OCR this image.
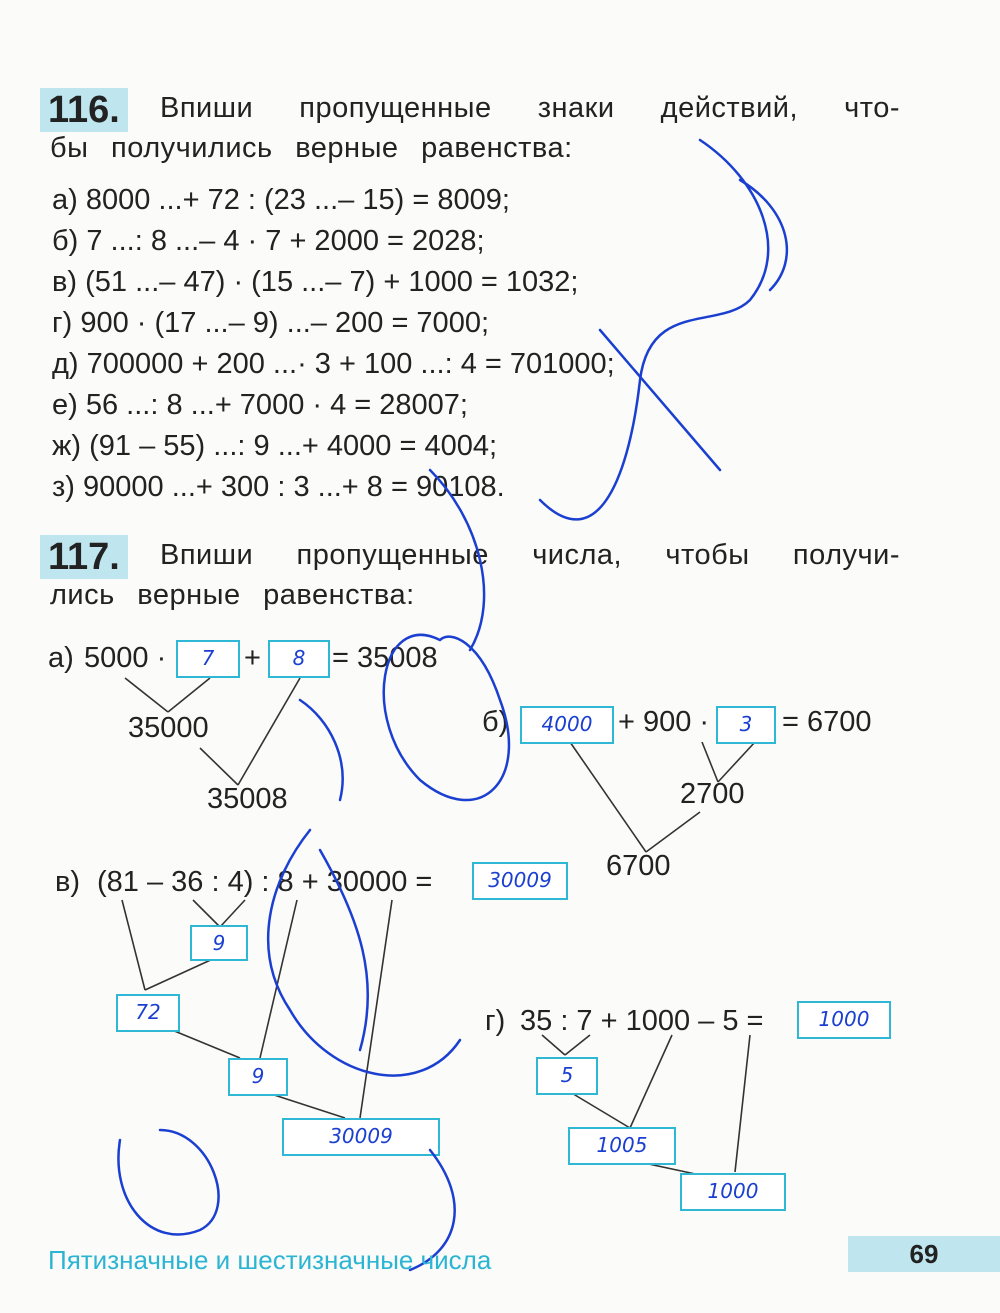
116. Впиши пропущенные знаки действий, что-
бы получились верные равенства:
а) 8000 ...+ 72 : (23 ...– 15) = 8009;
б) 7 ...: 8 ...– 4 · 7 + 2000 = 2028;
в) (51 ...– 47) · (15 ...– 7) + 1000 = 1032;
г) 900 · (17 ...– 9) ...– 200 = 7000;
д) 700000 + 200 ...· 3 + 100 ...: 4 = 701000;
е) 56 ...: 8 ...+ 7000 · 4 = 28007;
ж) (91 – 55) ...: 9 ...+ 4000 = 4004;
з) 90000 ...+ 300 : 3 ...+ 8 = 90108.
117. Впиши пропущенные числа, чтобы получи-
лись верные равенства:
а) 5000 ·	7	+	8 = 35008
35000
35008
б)	4000 + 900 ·	3	= 6700
2700
6700
в) (81 – 36 : 4) : 8 + 30000 =	30009
9
72
9
30009
г) 35 : 7 + 1000 – 5 =	1000
5
1005
1000
Пятизначные и шестизначные числа	69
